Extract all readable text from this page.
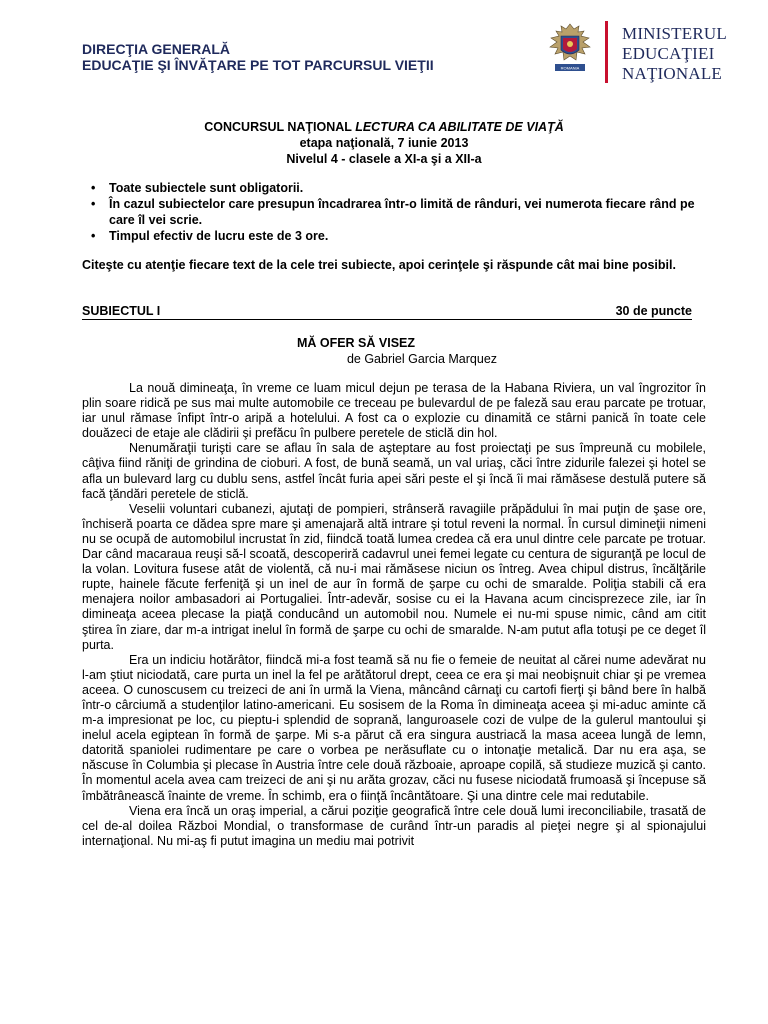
DIRECŢIA GENERALĂ
EDUCAŢIE ŞI ÎNVĂŢARE PE TOT PARCURSUL VIEŢII	ROMANIA
MINISTERUL
EDUCAŢIEI
NAŢIONALE
CONCURSUL NAŢIONAL LECTURA CA ABILITATE DE VIAŢĂ
etapa naţională, 7 iunie 2013
Nivelul 4 - clasele a XI-a şi a XII-a
• Toate subiectele sunt obligatorii.
• În cazul subiectelor care presupun încadrarea într-o limită de rânduri, vei numerota fiecare rând pe care îl vei scrie.
• Timpul efectiv de lucru este de 3 ore.
Citeşte cu atenţie fiecare text de la cele trei subiecte, apoi cerinţele şi răspunde cât mai bine posibil.
SUBIECTUL I	30 de puncte
MĂ OFER SĂ VISEZ
de Gabriel Garcia Marquez

La nouă dimineaţa, în vreme ce luam micul dejun pe terasa de la Habana Riviera, un val îngrozitor în plin soare ridică pe sus mai multe automobile ce treceau pe bulevardul de pe faleză sau erau parcate pe trotuar, iar unul rămase înfipt într-o aripă a hotelului. A fost ca o explozie cu dinamită ce stârni panică în toate cele douăzeci de etaje ale clădirii şi prefăcu în pulbere peretele de sticlă din hol.

Nenumăraţii turişti care se aflau în sala de aşteptare au fost proiectaţi pe sus împreună cu mobilele, câţiva fiind răniţi de grindina de cioburi. A fost, de bună seamă, un val uriaş, căci între zidurile falezei şi hotel se afla un bulevard larg cu dublu sens, astfel încât furia apei sări peste el şi încă îi mai rămăsese destulă putere să facă ţăndări peretele de sticlă.

Veselii voluntari cubanezi, ajutaţi de pompieri, strânseră ravagiile prăpădului în mai puţin de şase ore, închiseră poarta ce dădea spre mare şi amenajară altă intrare şi totul reveni la normal. În cursul dimineţii nimeni nu se ocupă de automobilul incrustat în zid, fiindcă toată lumea credea că era unul dintre cele parcate pe trotuar. Dar când macaraua reuşi să-l scoată, descoperiră cadavrul unei femei legate cu centura de siguranţă pe locul de la volan. Lovitura fusese atât de violentă, că nu-i mai rămăsese niciun os întreg. Avea chipul distrus, încălţările rupte, hainele făcute ferfeniţă şi un inel de aur în formă de şarpe cu ochi de smaralde. Poliţia stabili că era menajera noilor ambasadori ai Portugaliei. Într-adevăr, sosise cu ei la Havana acum cincisprezece zile, iar în dimineaţa aceea plecase la piaţă conducând un automobil nou. Numele ei nu-mi spuse nimic, când am citit ştirea în ziare, dar m-a intrigat inelul în formă de şarpe cu ochi de smaralde. N-am putut afla totuşi pe ce deget îl purta.

Era un indiciu hotărâtor, fiindcă mi-a fost teamă să nu fie o femeie de neuitat al cărei nume adevărat nu l-am ştiut niciodată, care purta un inel la fel pe arătătorul drept, ceea ce era şi mai neobişnuit chiar şi pe vremea aceea. O cunoscusem cu treizeci de ani în urmă la Viena, mâncând cârnaţi cu cartofi fierţi şi bând bere în halbă într-o cârciumă a studenţilor latino-americani. Eu sosisem de la Roma în dimineaţa aceea şi mi-aduc aminte că m-a impresionat pe loc, cu pieptu-i splendid de soprană, languroasele cozi de vulpe de la gulerul mantoului şi inelul acela egiptean în formă de şarpe. Mi s-a părut că era singura austriacă la masa aceea lungă de lemn, datorită spaniolei rudimentare pe care o vorbea pe nerăsuflate cu o intonaţie metalică. Dar nu era aşa, se născuse în Columbia şi plecase în Austria între cele două războaie, aproape copilă, să studieze muzică şi canto. În momentul acela avea cam treizeci de ani şi nu arăta grozav, căci nu fusese niciodată frumoasă şi începuse să îmbătrânească înainte de vreme. În schimb, era o fiinţă încântătoare. Şi una dintre cele mai redutabile.

Viena era încă un oraş imperial, a cărui poziţie geografică între cele două lumi ireconciliabile, trasată de cel de-al doilea Război Mondial, o transformase de curând într-un paradis al pieţei negre şi al spionajului internaţional. Nu mi-aş fi putut imagina un mediu mai potrivit
